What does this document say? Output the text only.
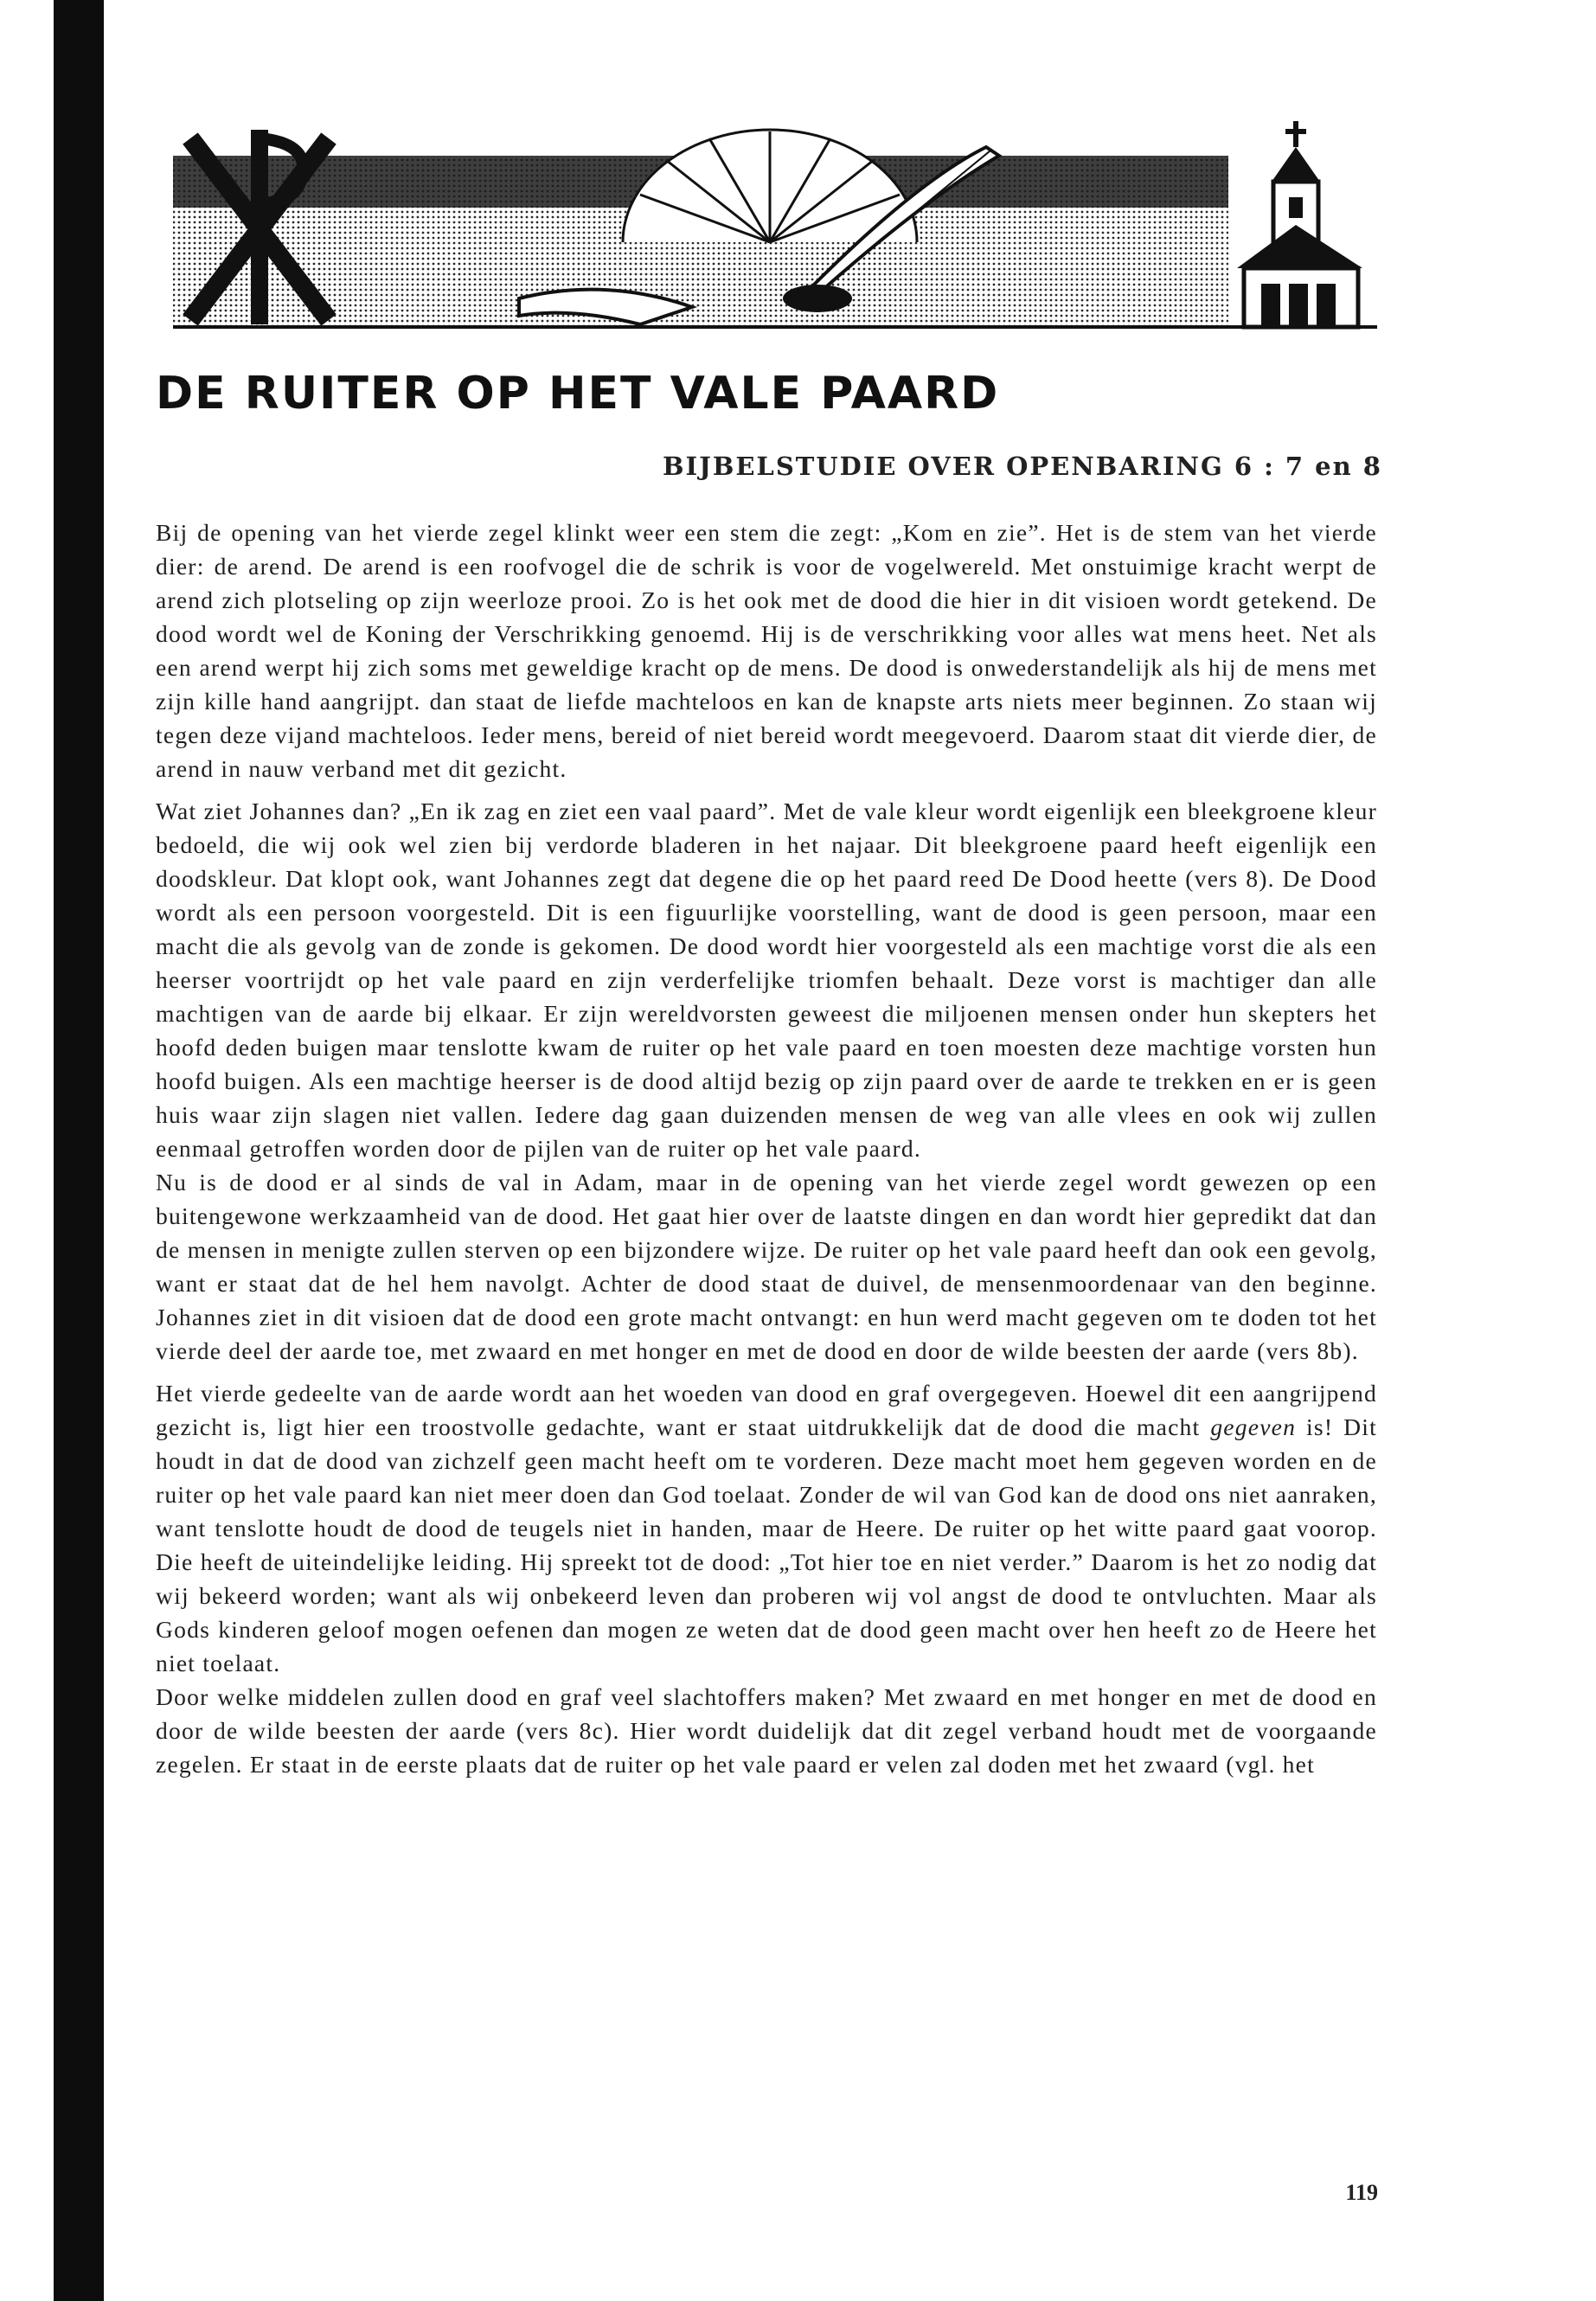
DE RUITER OP HET VALE PAARD
BIJBELSTUDIE OVER OPENBARING 6 : 7 en 8

Bij de opening van het vierde zegel klinkt weer een stem die zegt: „Kom en zie”. Het is de stem van het vierde dier: de arend. De arend is een roofvogel die de schrik is voor de vogelwereld. Met onstuimige kracht werpt de arend zich plotseling op zijn weerloze prooi. Zo is het ook met de dood die hier in dit visioen wordt getekend. De dood wordt wel de Koning der Verschrikking genoemd. Hij is de verschrikking voor alles wat mens heet. Net als een arend werpt hij zich soms met geweldige kracht op de mens. De dood is onwederstandelijk als hij de mens met zijn kille hand aangrijpt. dan staat de liefde machteloos en kan de knapste arts niets meer beginnen. Zo staan wij tegen deze vijand machteloos. Ieder mens, bereid of niet bereid wordt meegevoerd. Daarom staat dit vierde dier, de arend in nauw verband met dit gezicht.

Wat ziet Johannes dan? „En ik zag en ziet een vaal paard”. Met de vale kleur wordt eigenlijk een bleekgroene kleur bedoeld, die wij ook wel zien bij verdorde bladeren in het najaar. Dit bleekgroene paard heeft eigenlijk een doodskleur. Dat klopt ook, want Johannes zegt dat degene die op het paard reed De Dood heette (vers 8). De Dood wordt als een persoon voorgesteld. Dit is een figuurlijke voorstelling, want de dood is geen persoon, maar een macht die als gevolg van de zonde is gekomen. De dood wordt hier voorgesteld als een machtige vorst die als een heerser voortrijdt op het vale paard en zijn verderfelijke triomfen behaalt. Deze vorst is machtiger dan alle machtigen van de aarde bij elkaar. Er zijn wereldvorsten geweest die miljoenen mensen onder hun skepters het hoofd deden buigen maar tenslotte kwam de ruiter op het vale paard en toen moesten deze machtige vorsten hun hoofd buigen. Als een machtige heerser is de dood altijd bezig op zijn paard over de aarde te trekken en er is geen huis waar zijn slagen niet vallen. Iedere dag gaan duizenden mensen de weg van alle vlees en ook wij zullen eenmaal getroffen worden door de pijlen van de ruiter op het vale paard.

Nu is de dood er al sinds de val in Adam, maar in de opening van het vierde zegel wordt gewezen op een buitengewone werkzaamheid van de dood. Het gaat hier over de laatste dingen en dan wordt hier gepredikt dat dan de mensen in menigte zullen sterven op een bijzondere wijze. De ruiter op het vale paard heeft dan ook een gevolg, want er staat dat de hel hem navolgt. Achter de dood staat de duivel, de mensenmoordenaar van den beginne. Johannes ziet in dit visioen dat de dood een grote macht ontvangt: en hun werd macht gegeven om te doden tot het vierde deel der aarde toe, met zwaard en met honger en met de dood en door de wilde beesten der aarde (vers 8b).

Het vierde gedeelte van de aarde wordt aan het woeden van dood en graf overgegeven. Hoewel dit een aangrijpend gezicht is, ligt hier een troostvolle gedachte, want er staat uitdrukkelijk dat de dood die macht gegeven is! Dit houdt in dat de dood van zichzelf geen macht heeft om te vorderen. Deze macht moet hem gegeven worden en de ruiter op het vale paard kan niet meer doen dan God toelaat. Zonder de wil van God kan de dood ons niet aanraken, want tenslotte houdt de dood de teugels niet in handen, maar de Heere. De ruiter op het witte paard gaat voorop. Die heeft de uiteindelijke leiding. Hij spreekt tot de dood: „Tot hier toe en niet verder.” Daarom is het zo nodig dat wij bekeerd worden; want als wij onbekeerd leven dan proberen wij vol angst de dood te ontvluchten. Maar als Gods kinderen geloof mogen oefenen dan mogen ze weten dat de dood geen macht over hen heeft zo de Heere het niet toelaat.

Door welke middelen zullen dood en graf veel slachtoffers maken? Met zwaard en met honger en met de dood en door de wilde beesten der aarde (vers 8c). Hier wordt duidelijk dat dit zegel verband houdt met de voorgaande zegelen. Er staat in de eerste plaats dat de ruiter op het vale paard er velen zal doden met het zwaard (vgl. het

119
